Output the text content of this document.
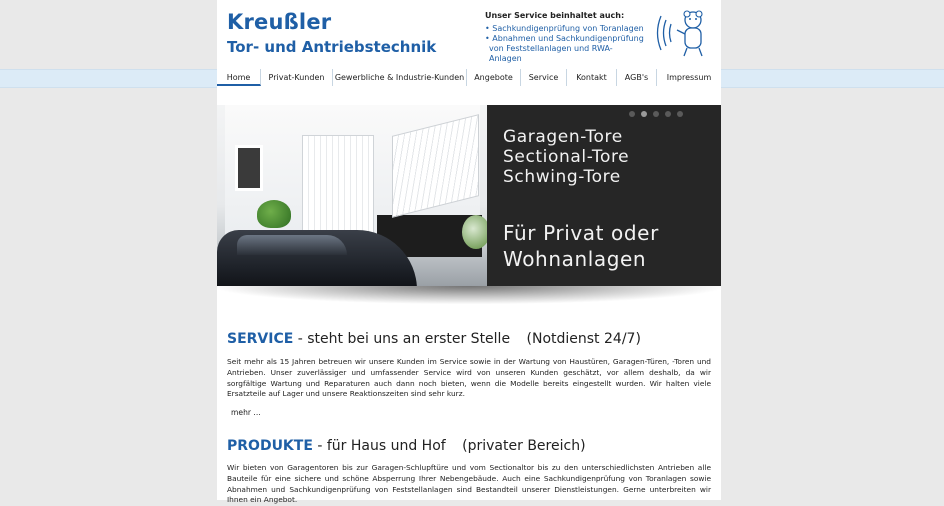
Kreußler
Tor- und Antriebstechnik
Unser Service beinhaltet auch:
• Sachkundigenprüfung von Toranlagen
• Abnahmen und Sachkundigenprüfung
von Feststellanlagen und RWA-Anlagen
Garagen-Tore
Sectional-Tore
Schwing-Tore
Für Privat oder
Wohnanlagen
SERVICE - steht bei uns an erster Stelle (Notdienst 24/7)
Seit mehr als 15 Jahren betreuen wir unsere Kunden im Service sowie in der Wartung von Haustüren, Garagen-Türen, -Toren und Antrieben. Unser zuverlässiger und umfassender Service wird von unseren Kunden geschätzt, vor allem deshalb, da wir sorgfältige Wartung und Reparaturen auch dann noch bieten, wenn die Modelle bereits eingestellt wurden. Wir halten viele Ersatzteile auf Lager und unsere Reaktionszeiten sind sehr kurz.
mehr ...
PRODUKTE - für Haus und Hof (privater Bereich)
Wir bieten von Garagentoren bis zur Garagen-Schlupftüre und vom Sectionaltor bis zu den unterschiedlichsten Antrieben alle Bauteile für eine sichere und schöne Absperrung Ihrer Nebengebäude. Auch eine Sachkundigenprüfung von Toranlagen sowie Abnahmen und Sachkundigenprüfung von Feststellanlagen sind Bestandteil unserer Dienstleistungen. Gerne unterbreiten wir Ihnen ein Angebot.
Home	Privat-Kunden	Gewerbliche & Industrie-Kunden	Angebote	Service	Kontakt	AGB's	Impressum
